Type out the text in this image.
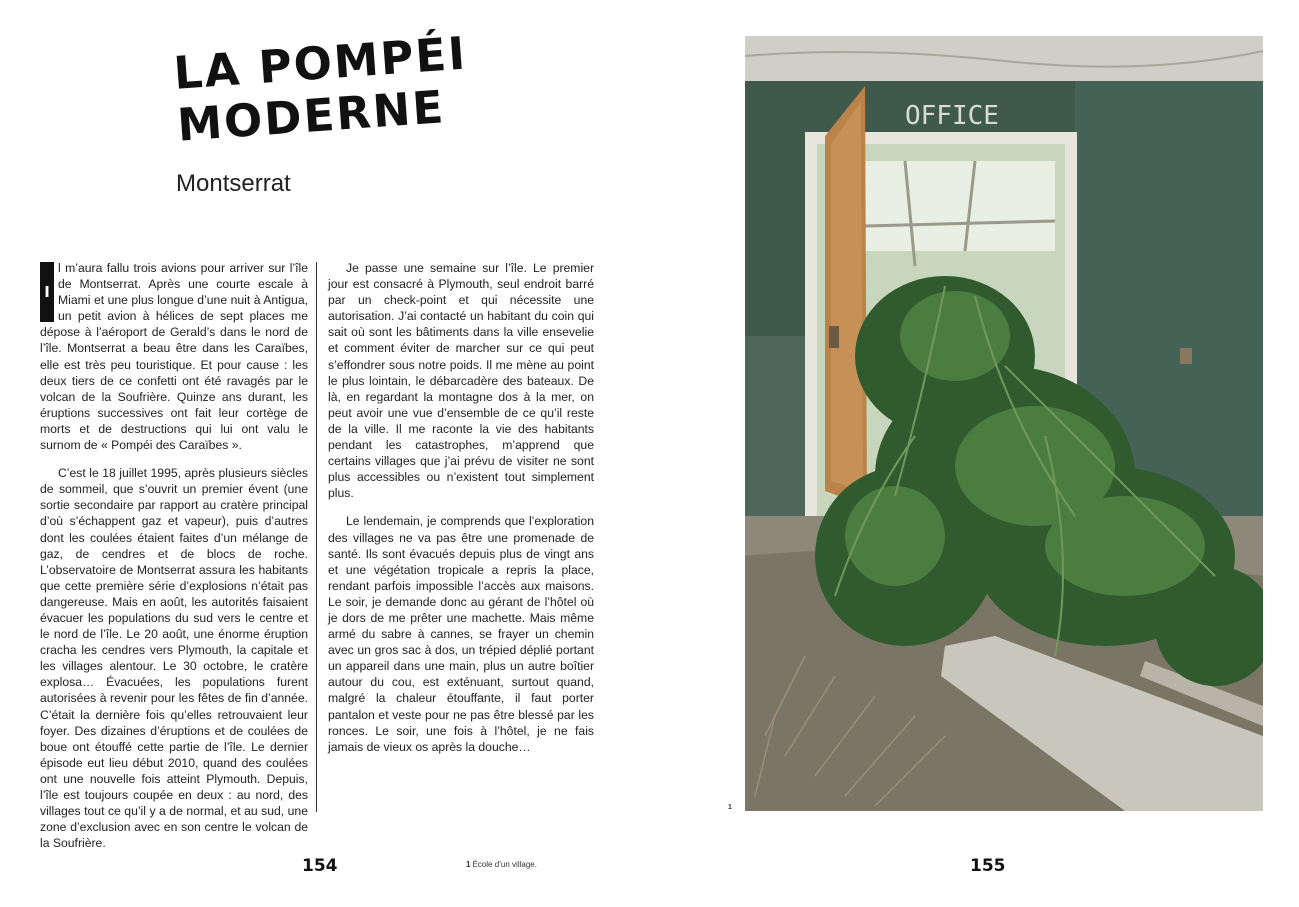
LA POMPÉI
MODERNE
Montserrat

I
l m’aura fallu trois avions pour arriver sur l’île de Montserrat. Après une courte escale à Miami et une plus longue d’une nuit à Antigua, un petit avion à hélices de sept places me dépose à l’aéroport de Gerald’s dans le nord de l’île. Montserrat a beau être dans les Caraïbes, elle est très peu touristique. Et pour cause : les deux tiers de ce confetti ont été ravagés par le volcan de la Soufrière. Quinze ans durant, les éruptions successives ont fait leur cortège de morts et de destructions qui lui ont valu le surnom de « Pompéi des Caraïbes ».

C’est le 18 juillet 1995, après plusieurs siècles de sommeil, que s’ouvrit un premier évent (une sortie secondaire par rapport au cratère principal d’où s’échappent gaz et vapeur), puis d’autres dont les coulées étaient faites d’un mélange de gaz, de cendres et de blocs de roche. L’observatoire de Montserrat assura les habitants que cette première série d’explosions n’était pas dangereuse. Mais en août, les autorités faisaient évacuer les populations du sud vers le centre et le nord de l’île. Le 20 août, une énorme éruption cracha les cendres vers Plymouth, la capitale et les villages alentour. Le 30 octobre, le cratère explosa… Évacuées, les populations furent autorisées à revenir pour les fêtes de fin d’année. C’était la dernière fois qu’elles retrouvaient leur foyer. Des dizaines d’éruptions et de coulées de boue ont étouffé cette partie de l’île. Le dernier épisode eut lieu début 2010, quand des coulées ont une nouvelle fois atteint Plymouth. Depuis, l’île est toujours coupée en deux : au nord, des villages tout ce qu’il y a de normal, et au sud, une zone d’exclusion avec en son centre le volcan de la Soufrière.

Je passe une semaine sur l’île. Le premier jour est consacré à Plymouth, seul endroit barré par un check-point et qui nécessite une autorisation. J’ai contacté un habitant du coin qui sait où sont les bâtiments dans la ville ensevelie et comment éviter de marcher sur ce qui peut s’effondrer sous notre poids. Il me mène au point le plus lointain, le débarcadère des bateaux. De là, en regardant la montagne dos à la mer, on peut avoir une vue d’ensemble de ce qu’il reste de la ville. Il me raconte la vie des habitants pendant les catastrophes, m’apprend que certains villages que j’ai prévu de visiter ne sont plus accessibles ou n’existent tout simplement plus.

Le lendemain, je comprends que l’exploration des villages ne va pas être une promenade de santé. Ils sont évacués depuis plus de vingt ans et une végétation tropicale a repris la place, rendant parfois impossible l’accès aux maisons. Le soir, je demande donc au gérant de l’hôtel où je dors de me prêter une machette. Mais même armé du sabre à cannes, se frayer un chemin avec un gros sac à dos, un trépied déplié portant un appareil dans une main, plus un autre boîtier autour du cou, est exténuant, surtout quand, malgré la chaleur étouffante, il faut porter pantalon et veste pour ne pas être blessé par les ronces. Le soir, une fois à l’hôtel, je ne fais jamais de vieux os après la douche…

154	1 École d’un village.	155
1
OFFICE
